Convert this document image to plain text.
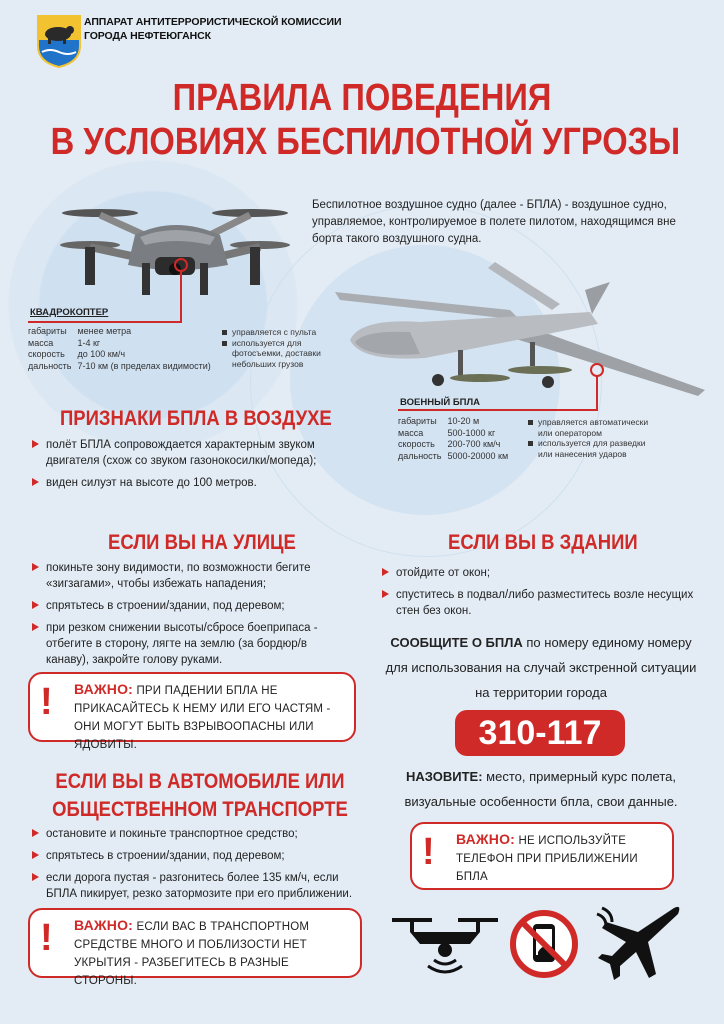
АППАРАТ АНТИТЕРРОРИСТИЧЕСКОЙ КОМИССИИ
ГОРОДА НЕФТЕЮГАНСК
ПРАВИЛА ПОВЕДЕНИЯ
В УСЛОВИЯХ БЕСПИЛОТНОЙ УГРОЗЫ
Беспилотное воздушное судно (далее - БПЛА) - воздушное судно, управляемое, контролируемое в полете пилотом, находящимся вне борта такого воздушного судна.
КВАДРОКОПТЕР
габариты	менее метра
масса	1-4 кг
скорость	до 100 км/ч
дальность	7-10 км (в пределах видимости)
управляется с пульта
используется для фотосъемки, доставки небольших грузов
ВОЕННЫЙ БПЛА
габариты	10-20 м
масса	500-1000 кг
скорость	200-700 км/ч
дальность	5000-20000 км
управляется автоматически или оператором
используется для разведки или нанесения ударов
ПРИЗНАКИ БПЛА В ВОЗДУХЕ
полёт БПЛА сопровождается характерным звуком двигателя (схож со звуком газонокосилки/мопеда);
виден силуэт на высоте до 100 метров.
ЕСЛИ ВЫ НА УЛИЦЕ
покиньте зону видимости, по возможности бегите «зигзагами», чтобы избежать нападения;
спрятьтесь в строении/здании, под деревом;
при резком снижении высоты/сбросе боеприпаса - отбегите в сторону, лягте на землю (за бордюр/в канаву), закройте голову руками.
! ВАЖНО: ПРИ ПАДЕНИИ БПЛА НЕ ПРИКАСАЙТЕСЬ К НЕМУ ИЛИ ЕГО ЧАСТЯМ - ОНИ МОГУТ БЫТЬ ВЗРЫВООПАСНЫ ИЛИ ЯДОВИТЫ.
ЕСЛИ ВЫ В АВТОМОБИЛЕ ИЛИ
ОБЩЕСТВЕННОМ ТРАНСПОРТЕ
остановите и покиньте транспортное средство;
спрятьтесь в строении/здании, под деревом;
если дорога пустая - разгонитесь более 135 км/ч, если БПЛА пикирует, резко затормозите при его приближении.
! ВАЖНО: ЕСЛИ ВАС В ТРАНСПОРТНОМ СРЕДСТВЕ МНОГО И ПОБЛИЗОСТИ НЕТ УКРЫТИЯ - РАЗБЕГИТЕСЬ В РАЗНЫЕ СТОРОНЫ.
ЕСЛИ ВЫ В ЗДАНИИ
отойдите от окон;
спуститесь в подвал/либо разместитесь возле несущих стен без окон.
СООБЩИТЕ О БПЛА по номеру единому номеру для использования на случай экстренной ситуации на территории города
310-117
НАЗОВИТЕ: место, примерный курс полета, визуальные особенности бпла, свои данные.
! ВАЖНО: НЕ ИСПОЛЬЗУЙТЕ ТЕЛЕФОН ПРИ ПРИБЛИЖЕНИИ БПЛА
